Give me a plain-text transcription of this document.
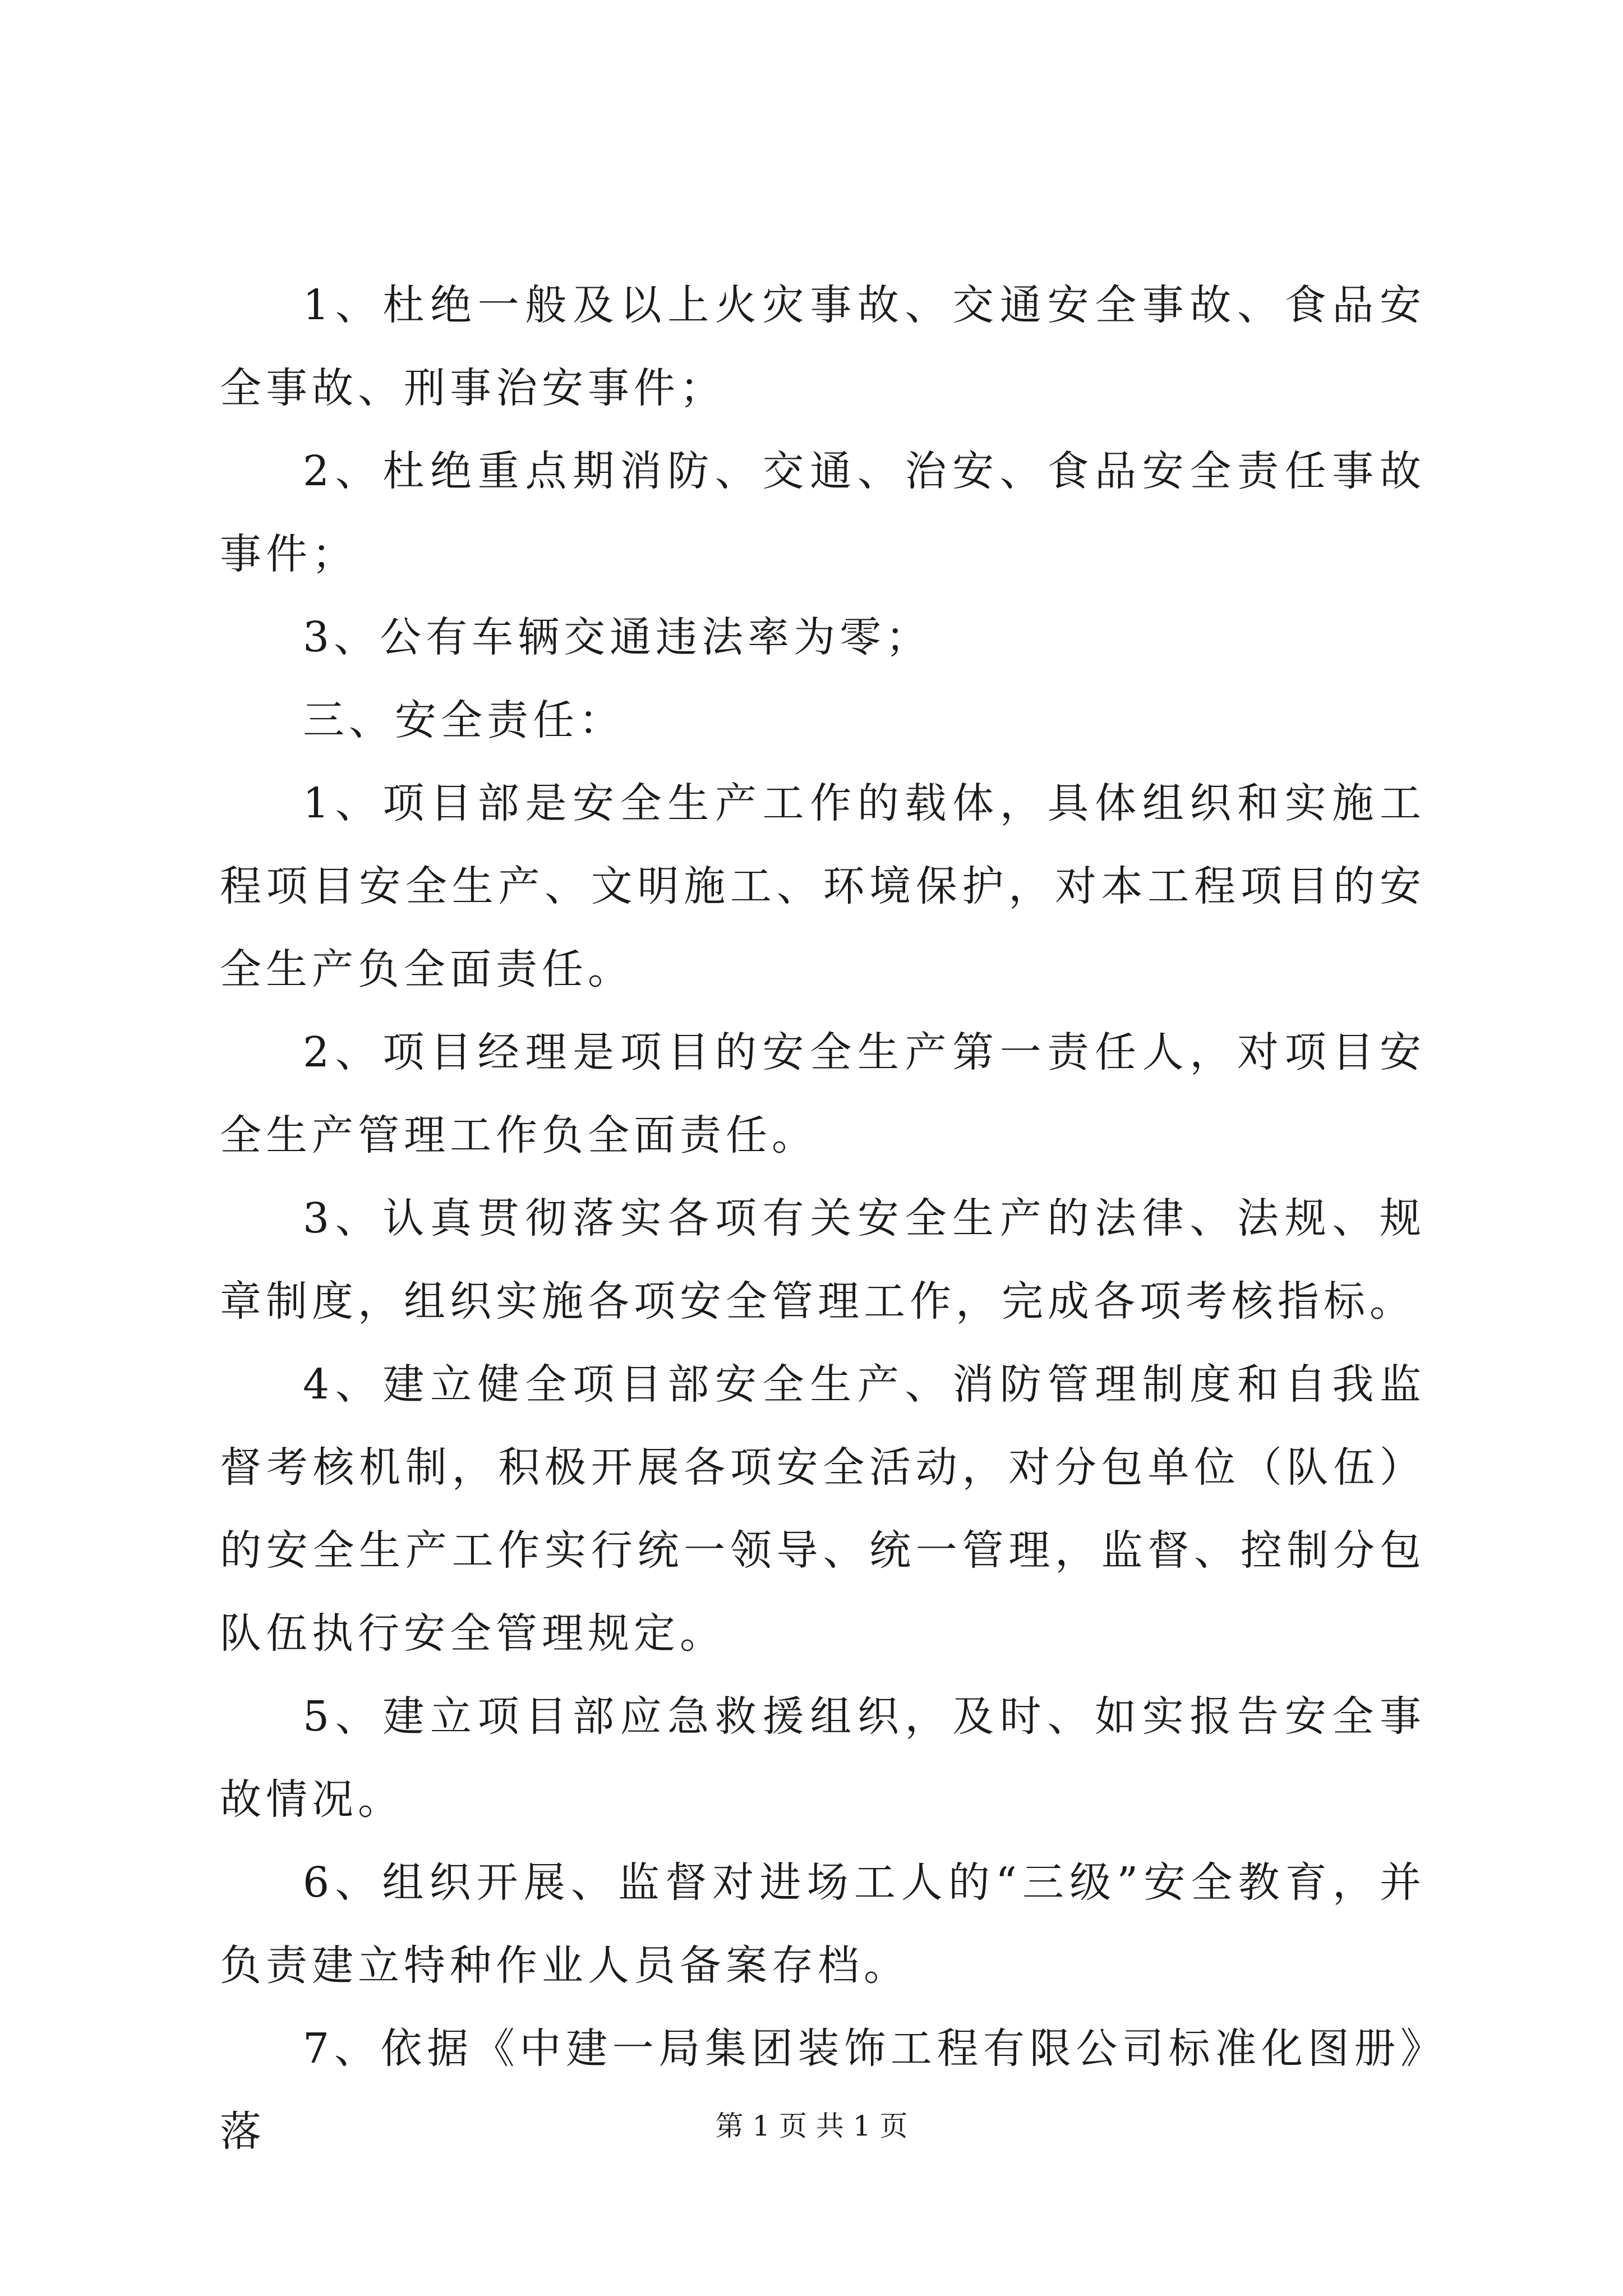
1、杜绝一般及以上火灾事故、交通安全事故、食品安全事故、刑事治安事件；

2、杜绝重点期消防、交通、治安、食品安全责任事故事件；

3、公有车辆交通违法率为零；

三、安全责任：

1、项目部是安全生产工作的载体，具体组织和实施工程项目安全生产、文明施工、环境保护，对本工程项目的安全生产负全面责任。

2、项目经理是项目的安全生产第一责任人，对项目安全生产管理工作负全面责任。

3、认真贯彻落实各项有关安全生产的法律、法规、规章制度，组织实施各项安全管理工作，完成各项考核指标。

4、建立健全项目部安全生产、消防管理制度和自我监督考核机制，积极开展各项安全活动，对分包单位（队伍）的安全生产工作实行统一领导、统一管理，监督、控制分包队伍执行安全管理规定。

5、建立项目部应急救援组织，及时、如实报告安全事故情况。

6、组织开展、监督对进场工人的“三级”安全教育，并负责建立特种作业人员备案存档。

7、依据《中建一局集团装饰工程有限公司标准化图册》落	第 1 页 共 1 页
